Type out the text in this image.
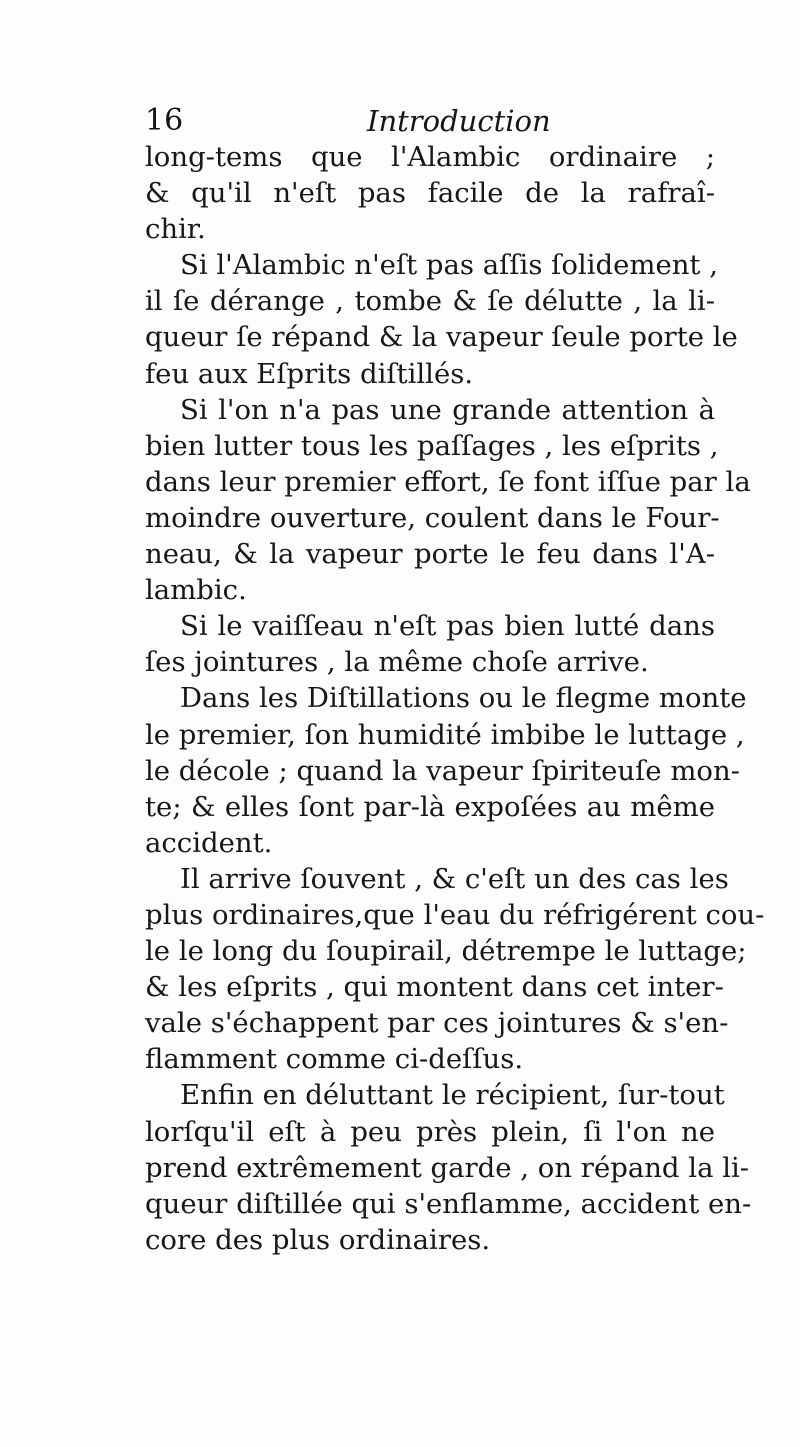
16	Introduction

long-tems que l'Alambic ordinaire ;
& qu'il n'eſt pas facile de la rafraî-
chir.

Si l'Alambic n'eſt pas aſſis ſolidement ,
il ſe dérange , tombe & ſe délutte , la li-
queur ſe répand & la vapeur ſeule porte le
feu aux Eſprits diſtillés.

Si l'on n'a pas une grande attention à
bien lutter tous les paſſages , les eſprits ,
dans leur premier effort, ſe font iſſue par la
moindre ouverture, coulent dans le Four-
neau, & la vapeur porte le feu dans l'A-
lambic.

Si le vaiſſeau n'eſt pas bien lutté dans
ſes jointures , la même choſe arrive.

Dans les Diſtillations ou le flegme monte
le premier, ſon humidité imbibe le luttage ,
le décole ; quand la vapeur ſpiriteuſe mon-
te; & elles ſont par-là expoſées au même
accident.

Il arrive ſouvent , & c'eſt un des cas les
plus ordinaires,que l'eau du réfrigérent cou-
le le long du ſoupirail, détrempe le luttage;
& les eſprits , qui montent dans cet inter-
vale s'échappent par ces jointures & s'en-
flamment comme ci-deſſus.

Enfin en déluttant le récipient, ſur-tout
lorſqu'il eſt à peu près plein, ſi l'on ne
prend extrêmement garde , on répand la li-
queur diſtillée qui s'enflamme, accident en-
core des plus ordinaires.
